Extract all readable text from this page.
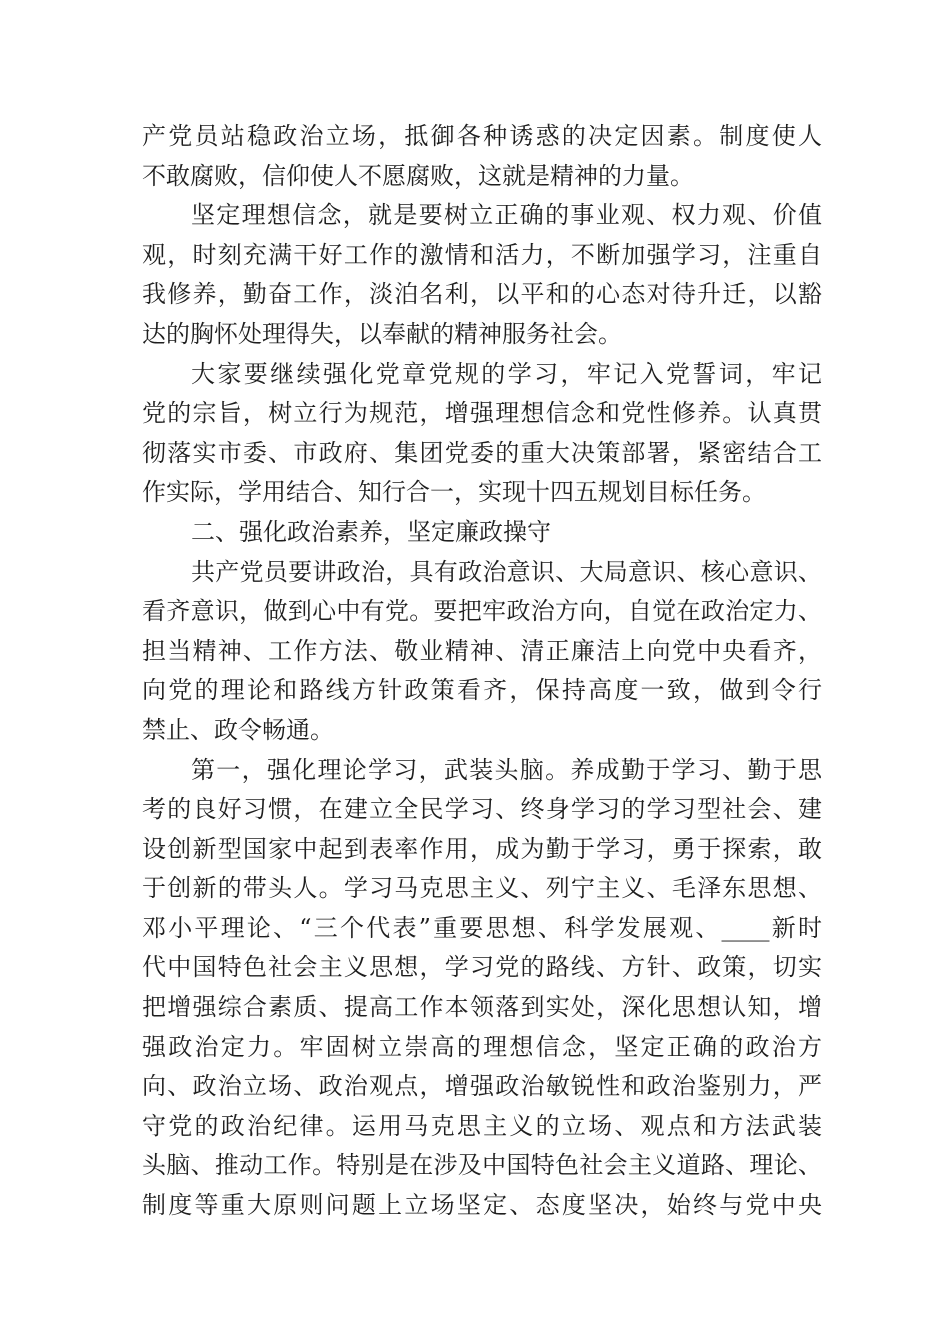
产党员站稳政治立场，抵御各种诱惑的决定因素。制度使人
不敢腐败，信仰使人不愿腐败，这就是精神的力量。
坚定理想信念，就是要树立正确的事业观、权力观、价值
观，时刻充满干好工作的激情和活力，不断加强学习，注重自
我修养，勤奋工作，淡泊名利，以平和的心态对待升迁，以豁
达的胸怀处理得失，以奉献的精神服务社会。
大家要继续强化党章党规的学习，牢记入党誓词，牢记
党的宗旨，树立行为规范，增强理想信念和党性修养。认真贯
彻落实市委、市政府、集团党委的重大决策部署，紧密结合工
作实际，学用结合、知行合一，实现十四五规划目标任务。
二、强化政治素养，坚定廉政操守
共产党员要讲政治，具有政治意识、大局意识、核心意识、
看齐意识，做到心中有党。要把牢政治方向，自觉在政治定力、
担当精神、工作方法、敬业精神、清正廉洁上向党中央看齐，
向党的理论和路线方针政策看齐，保持高度一致，做到令行
禁止、政令畅通。
第一，强化理论学习，武装头脑。养成勤于学习、勤于思
考的良好习惯，在建立全民学习、终身学习的学习型社会、建
设创新型国家中起到表率作用，成为勤于学习，勇于探索，敢
于创新的带头人。学习马克思主义、列宁主义、毛泽东思想、
邓小平理论、“三个代表”重要思想、科学发展观、____新时
代中国特色社会主义思想，学习党的路线、方针、政策，切实
把增强综合素质、提高工作本领落到实处，深化思想认知，增
强政治定力。牢固树立崇高的理想信念，坚定正确的政治方
向、政治立场、政治观点，增强政治敏锐性和政治鉴别力，严
守党的政治纪律。运用马克思主义的立场、观点和方法武装
头脑、推动工作。特别是在涉及中国特色社会主义道路、理论、
制度等重大原则问题上立场坚定、态度坚决，始终与党中央
